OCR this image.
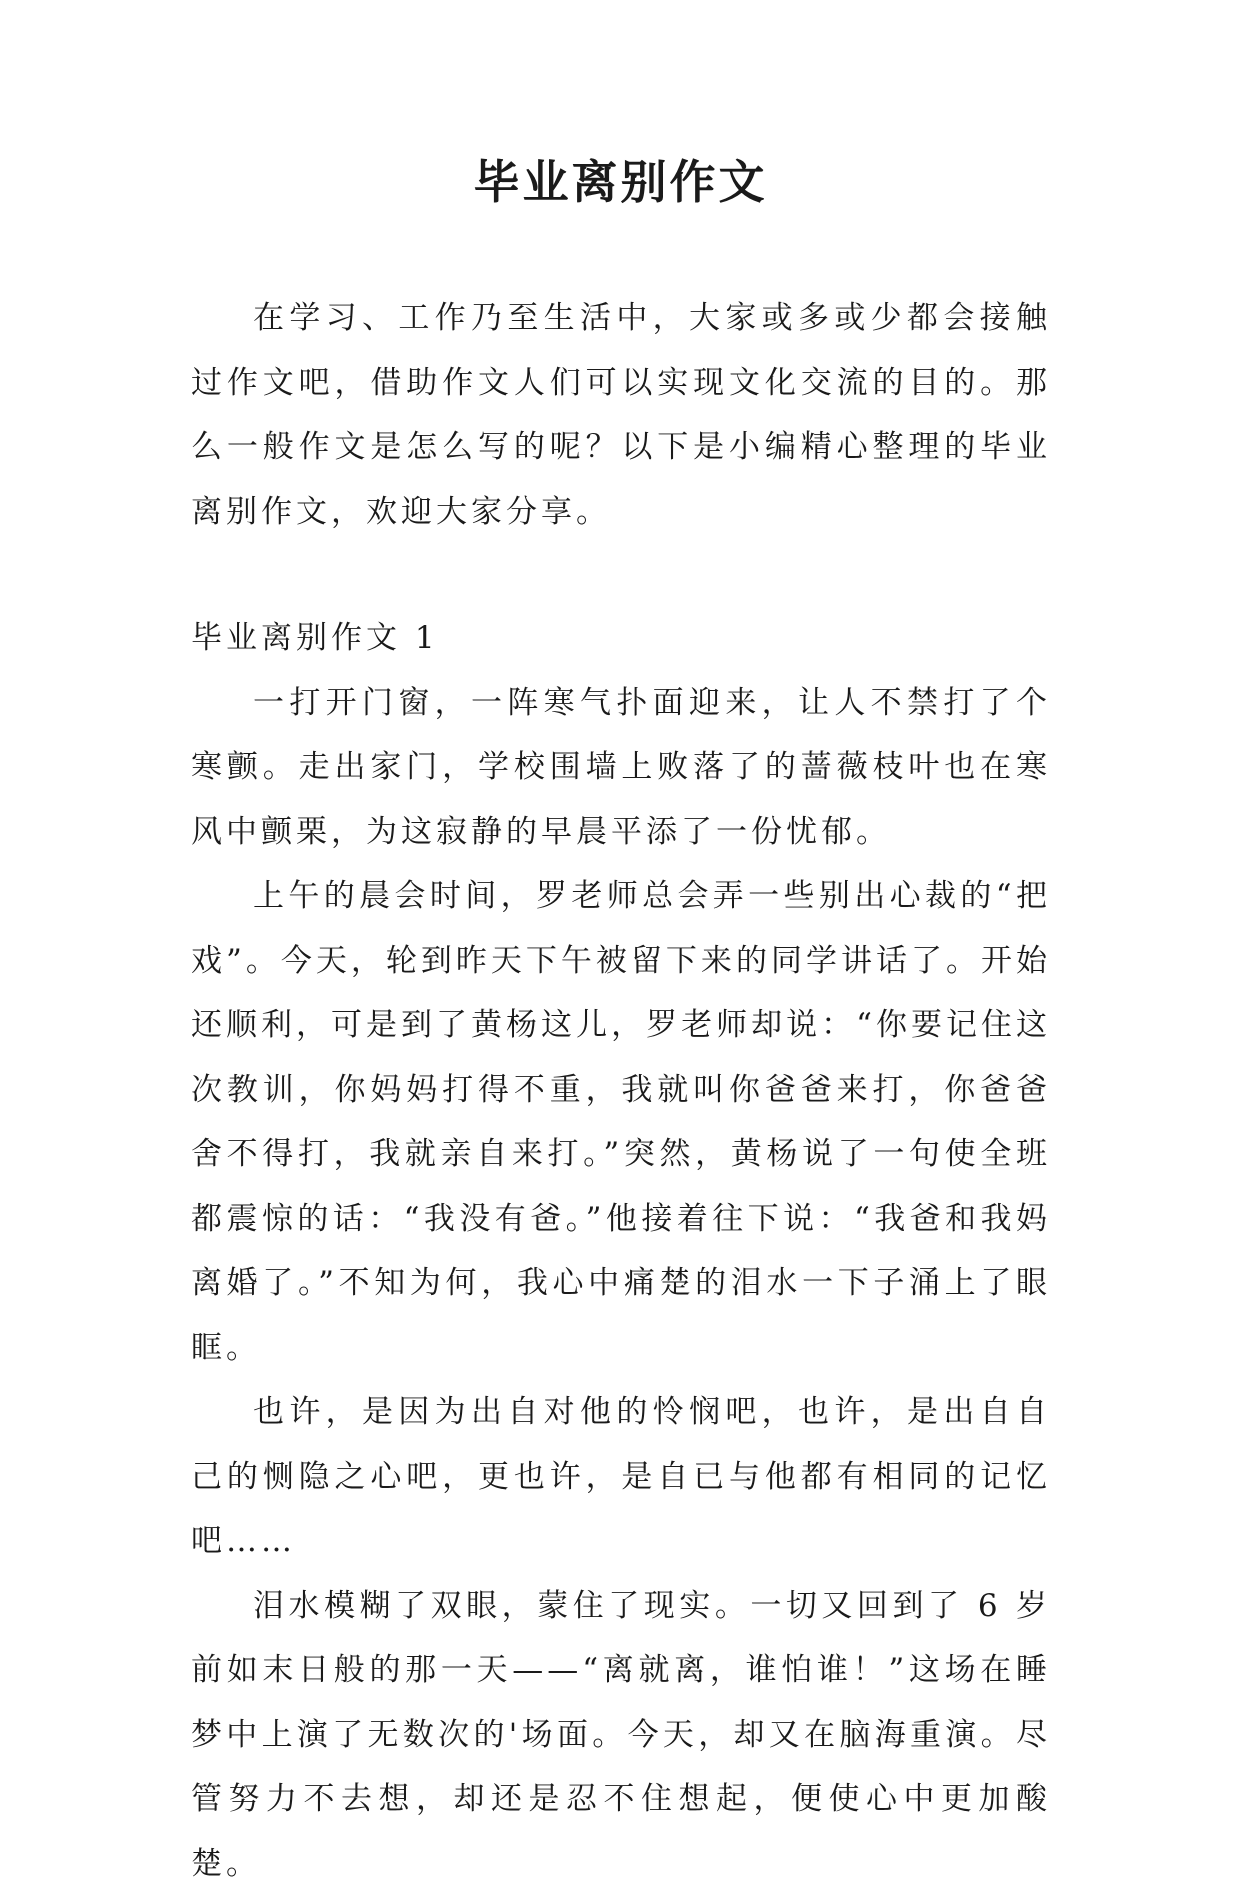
毕业离别作文

在学习、工作乃至生活中，大家或多或少都会接触过作文吧，借助作文人们可以实现文化交流的目的。那么一般作文是怎么写的呢？以下是小编精心整理的毕业离别作文，欢迎大家分享。

毕业离别作文 1

一打开门窗，一阵寒气扑面迎来，让人不禁打了个寒颤。走出家门，学校围墙上败落了的蔷薇枝叶也在寒风中颤栗，为这寂静的早晨平添了一份忧郁。

上午的晨会时间，罗老师总会弄一些别出心裁的“把戏”。今天，轮到昨天下午被留下来的同学讲话了。开始还顺利，可是到了黄杨这儿，罗老师却说：“你要记住这次教训，你妈妈打得不重，我就叫你爸爸来打，你爸爸舍不得打，我就亲自来打。”突然，黄杨说了一句使全班都震惊的话：“我没有爸。”他接着往下说：“我爸和我妈离婚了。”不知为何，我心中痛楚的泪水一下子涌上了眼眶。

也许，是因为出自对他的怜悯吧，也许，是出自自己的恻隐之心吧，更也许，是自已与他都有相同的记忆吧……

泪水模糊了双眼，蒙住了现实。一切又回到了 6 岁前如末日般的那一天——“离就离，谁怕谁！”这场在睡梦中上演了无数次的'场面。今天，却又在脑海重演。尽管努力不去想，却还是忍不住想起，便使心中更加酸楚。
